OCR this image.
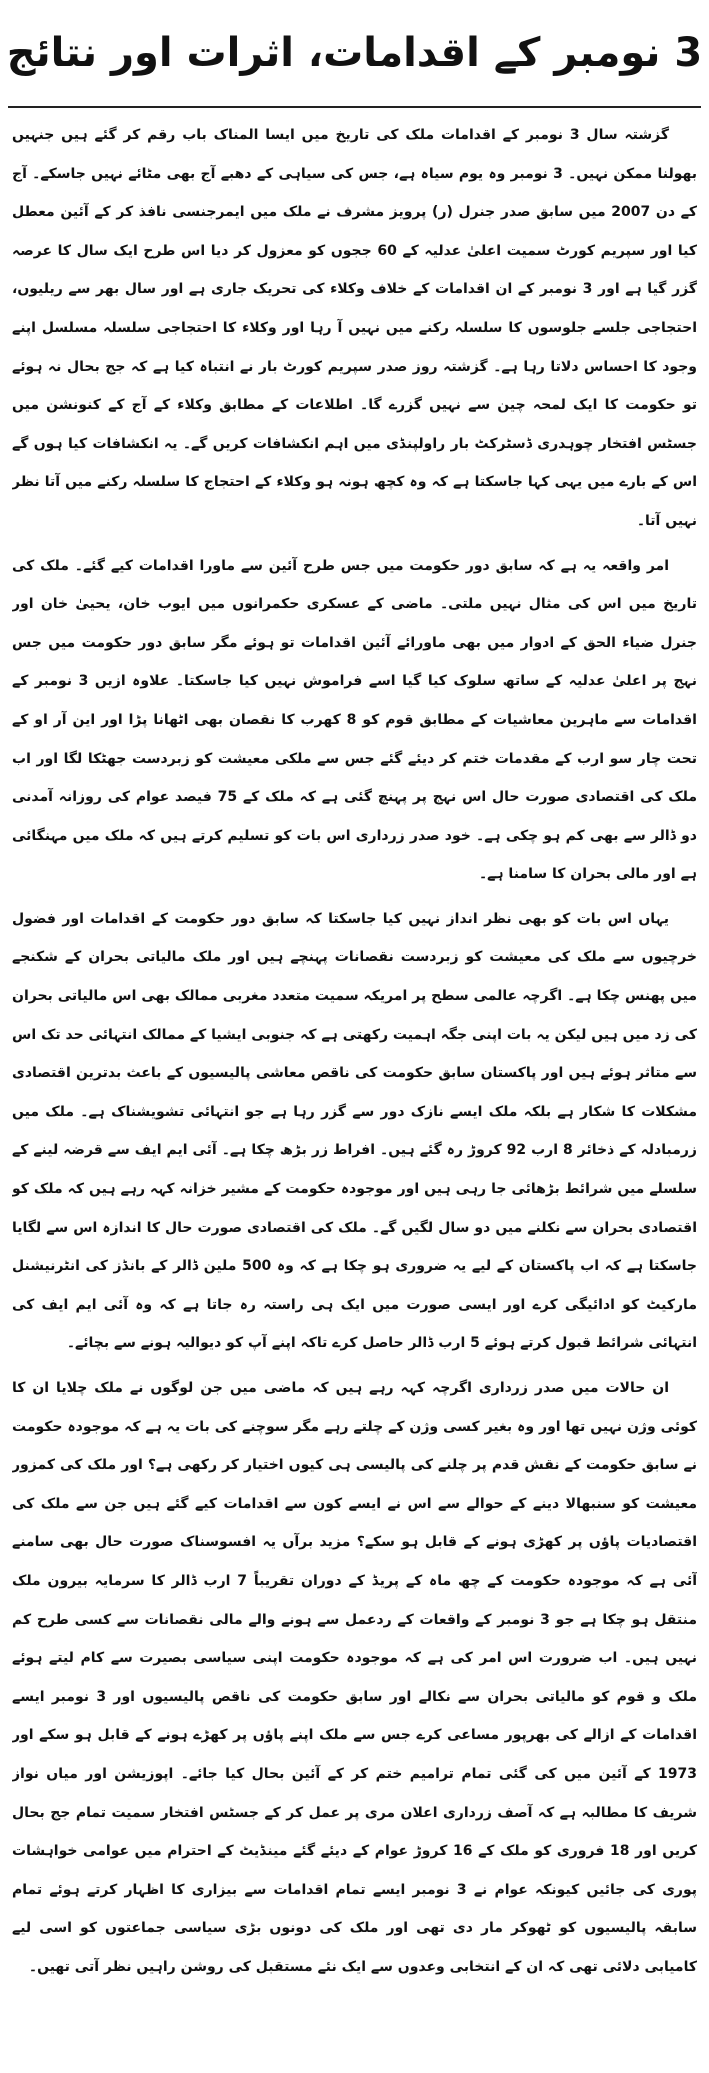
3 نومبر کے اقدامات، اثرات اور نتائج

گزشتہ سال 3 نومبر کے اقدامات ملک کی تاریخ میں ایسا المناک باب رقم کر گئے ہیں جنہیں بھولنا ممکن نہیں۔ 3 نومبر وہ یوم سیاہ ہے، جس کی سیاہی کے دھبے آج بھی مٹائے نہیں جاسکے۔ آج کے دن 2007 میں سابق صدر جنرل (ر) پرویز مشرف نے ملک میں ایمرجنسی نافذ کر کے آئین معطل کیا اور سپریم کورٹ سمیت اعلیٰ عدلیہ کے 60 ججوں کو معزول کر دیا اس طرح ایک سال کا عرصہ گزر گیا ہے اور 3 نومبر کے ان اقدامات کے خلاف وکلاء کی تحریک جاری ہے اور سال بھر سے ریلیوں، احتجاجی جلسے جلوسوں کا سلسلہ رکنے میں نہیں آ رہا اور وکلاء کا احتجاجی سلسلہ مسلسل اپنے وجود کا احساس دلاتا رہا ہے۔ گزشتہ روز صدر سپریم کورٹ بار نے انتباہ کیا ہے کہ جج بحال نہ ہوئے تو حکومت کا ایک لمحہ چین سے نہیں گزرے گا۔ اطلاعات کے مطابق وکلاء کے آج کے کنونشن میں جسٹس افتخار چوہدری ڈسٹرکٹ بار راولپنڈی میں اہم انکشافات کریں گے۔ یہ انکشافات کیا ہوں گے اس کے بارے میں یہی کہا جاسکتا ہے کہ وہ کچھ ہونہ ہو وکلاء کے احتجاج کا سلسلہ رکنے میں آتا نظر نہیں آتا۔

امر واقعہ یہ ہے کہ سابق دور حکومت میں جس طرح آئین سے ماورا اقدامات کیے گئے۔ ملک کی تاریخ میں اس کی مثال نہیں ملتی۔ ماضی کے عسکری حکمرانوں میں ایوب خان، یحییٰ خان اور جنرل ضیاء الحق کے ادوار میں بھی ماورائے آئین اقدامات تو ہوئے مگر سابق دور حکومت میں جس نہج پر اعلیٰ عدلیہ کے ساتھ سلوک کیا گیا اسے فراموش نہیں کیا جاسکتا۔ علاوہ ازیں 3 نومبر کے اقدامات سے ماہرین معاشیات کے مطابق قوم کو 8 کھرب کا نقصان بھی اٹھانا پڑا اور این آر او کے تحت چار سو ارب کے مقدمات ختم کر دیئے گئے جس سے ملکی معیشت کو زبردست جھٹکا لگا اور اب ملک کی اقتصادی صورت حال اس نہج پر پہنچ گئی ہے کہ ملک کے 75 فیصد عوام کی روزانہ آمدنی دو ڈالر سے بھی کم ہو چکی ہے۔ خود صدر زرداری اس بات کو تسلیم کرتے ہیں کہ ملک میں مہنگائی ہے اور مالی بحران کا سامنا ہے۔

یہاں اس بات کو بھی نظر انداز نہیں کیا جاسکتا کہ سابق دور حکومت کے اقدامات اور فضول خرچیوں سے ملک کی معیشت کو زبردست نقصانات پہنچے ہیں اور ملک مالیاتی بحران کے شکنجے میں پھنس چکا ہے۔ اگرچہ عالمی سطح پر امریکہ سمیت متعدد مغربی ممالک بھی اس مالیاتی بحران کی زد میں ہیں لیکن یہ بات اپنی جگہ اہمیت رکھتی ہے کہ جنوبی ایشیا کے ممالک انتہائی حد تک اس سے متاثر ہوئے ہیں اور پاکستان سابق حکومت کی ناقص معاشی پالیسیوں کے باعث بدترین اقتصادی مشکلات کا شکار ہے بلکہ ملک ایسے نازک دور سے گزر رہا ہے جو انتہائی تشویشناک ہے۔ ملک میں زرمبادلہ کے ذخائر 8 ارب 92 کروڑ رہ گئے ہیں۔ افراط زر بڑھ چکا ہے۔ آئی ایم ایف سے قرضہ لینے کے سلسلے میں شرائط بڑھائی جا رہی ہیں اور موجودہ حکومت کے مشیر خزانہ کہہ رہے ہیں کہ ملک کو اقتصادی بحران سے نکلنے میں دو سال لگیں گے۔ ملک کی اقتصادی صورت حال کا اندازہ اس سے لگایا جاسکتا ہے کہ اب پاکستان کے لیے یہ ضروری ہو چکا ہے کہ وہ 500 ملین ڈالر کے بانڈز کی انٹرنیشنل مارکیٹ کو ادائیگی کرے اور ایسی صورت میں ایک ہی راستہ رہ جاتا ہے کہ وہ آئی ایم ایف کی انتہائی شرائط قبول کرتے ہوئے 5 ارب ڈالر حاصل کرے تاکہ اپنے آپ کو دیوالیہ ہونے سے بچائے۔

ان حالات میں صدر زرداری اگرچہ کہہ رہے ہیں کہ ماضی میں جن لوگوں نے ملک چلایا ان کا کوئی وژن نہیں تھا اور وہ بغیر کسی وژن کے چلتے رہے مگر سوچنے کی بات یہ ہے کہ موجودہ حکومت نے سابق حکومت کے نقش قدم پر چلنے کی پالیسی ہی کیوں اختیار کر رکھی ہے؟ اور ملک کی کمزور معیشت کو سنبھالا دینے کے حوالے سے اس نے ایسے کون سے اقدامات کیے گئے ہیں جن سے ملک کی اقتصادیات پاؤں پر کھڑی ہونے کے قابل ہو سکے؟ مزید برآں یہ افسوسناک صورت حال بھی سامنے آئی ہے کہ موجودہ حکومت کے چھ ماہ کے پریڈ کے دوران تقریباً 7 ارب ڈالر کا سرمایہ بیرون ملک منتقل ہو چکا ہے جو 3 نومبر کے واقعات کے ردعمل سے ہونے والے مالی نقصانات سے کسی طرح کم نہیں ہیں۔ اب ضرورت اس امر کی ہے کہ موجودہ حکومت اپنی سیاسی بصیرت سے کام لیتے ہوئے ملک و قوم کو مالیاتی بحران سے نکالے اور سابق حکومت کی ناقص پالیسیوں اور 3 نومبر ایسے اقدامات کے ازالے کی بھرپور مساعی کرے جس سے ملک اپنے پاؤں پر کھڑے ہونے کے قابل ہو سکے اور 1973 کے آئین میں کی گئی تمام ترامیم ختم کر کے آئین بحال کیا جائے۔ اپوزیشن اور میاں نواز شریف کا مطالبہ ہے کہ آصف زرداری اعلان مری پر عمل کر کے جسٹس افتخار سمیت تمام جج بحال کریں اور 18 فروری کو ملک کے 16 کروڑ عوام کے دیئے گئے مینڈیٹ کے احترام میں عوامی خواہشات پوری کی جائیں کیونکہ عوام نے 3 نومبر ایسے تمام اقدامات سے بیزاری کا اظہار کرتے ہوئے تمام سابقہ پالیسیوں کو ٹھوکر مار دی تھی اور ملک کی دونوں بڑی سیاسی جماعتوں کو اسی لیے کامیابی دلائی تھی کہ ان کے انتخابی وعدوں سے ایک نئے مستقبل کی روشن راہیں نظر آتی تھیں۔
